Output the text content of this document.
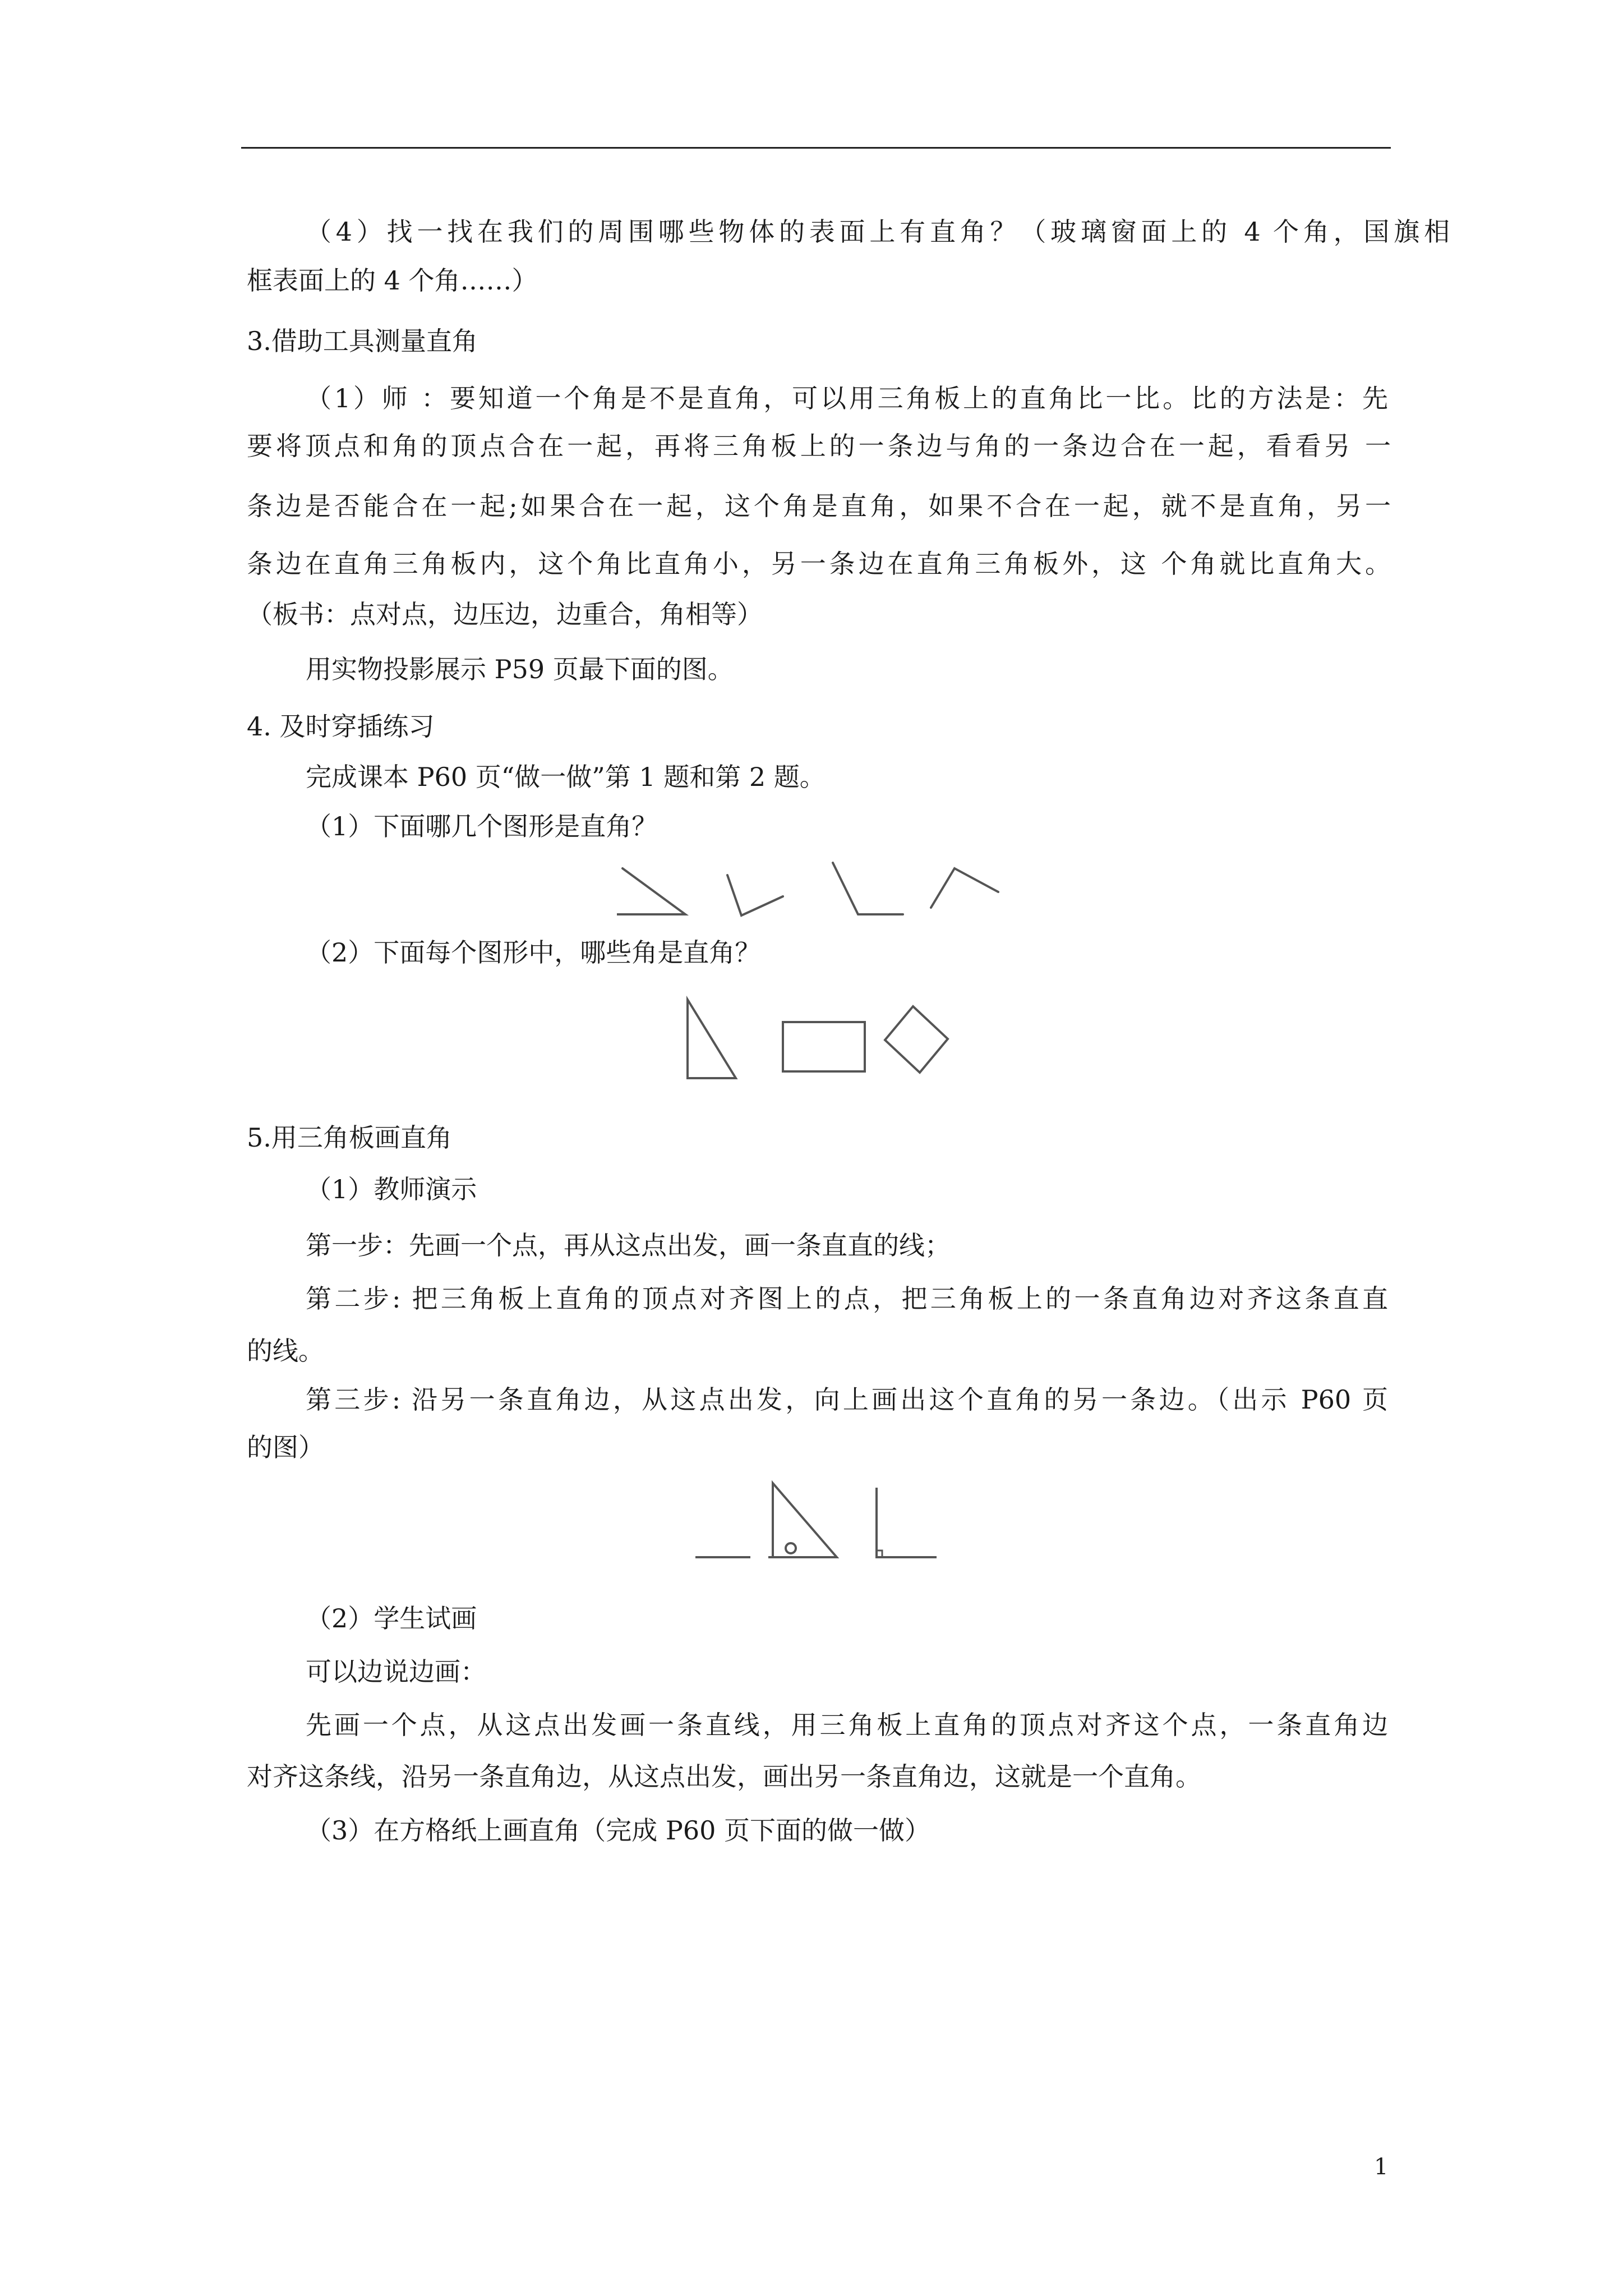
（4）找一找在我们的周围哪些物体的表面上有直角？（玻璃窗面上的 4 个角，国旗相
框表面上的 4 个角……）
3.借助工具测量直角
（1）师 ：要知道一个角是不是直角，可以用三角板上的直角比一比。比的方法是：先
要将顶点和角的顶点合在一起，再将三角板上的一条边与角的一条边合在一起，看看另 一
条边是否能合在一起;如果合在一起，这个角是直角，如果不合在一起，就不是直角，另一
条边在直角三角板内，这个角比直角小，另一条边在直角三角板外，这 个角就比直角大。
（板书：点对点，边压边，边重合，角相等）
用实物投影展示 P59 页最下面的图。
4. 及时穿插练习
完成课本 P60 页“做一做”第 1 题和第 2 题。
（1）下面哪几个图形是直角？
（2）下面每个图形中，哪些角是直角？
5.用三角板画直角
（1）教师演示
第一步：先画一个点，再从这点出发，画一条直直的线；
第二步: 把三角板上直角的顶点对齐图上的点，把三角板上的一条直角边对齐这条直直
的线。
第三步: 沿另一条直角边，从这点出发，向上画出这个直角的另一条边。（出示 P60 页
的图）
（2）学生试画
可以边说边画：
先画一个点，从这点出发画一条直线，用三角板上直角的顶点对齐这个点，一条直角边
对齐这条线，沿另一条直角边，从这点出发，画出另一条直角边，这就是一个直角。
（3）在方格纸上画直角（完成 P60 页下面的做一做）
1
